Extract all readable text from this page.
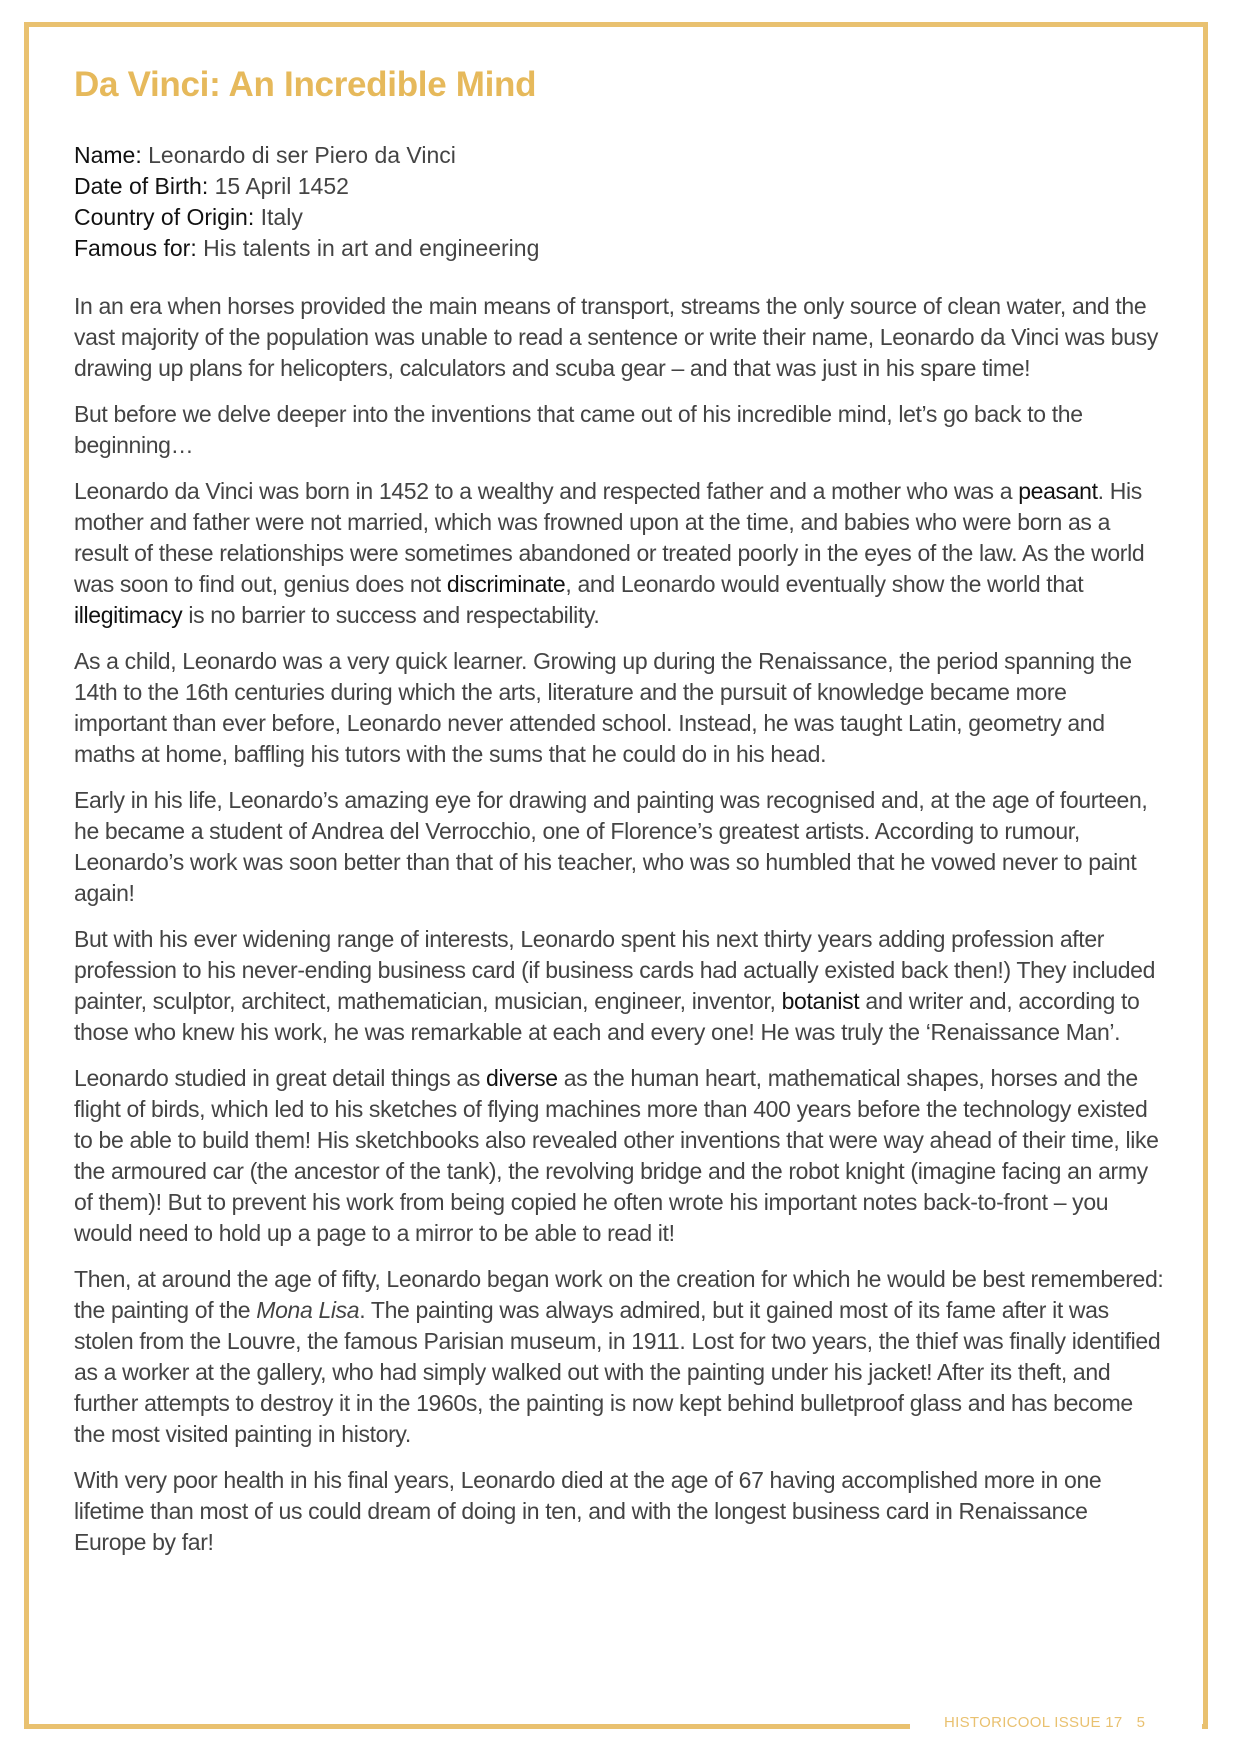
Da Vinci: An Incredible Mind
Name: Leonardo di ser Piero da Vinci
Date of Birth: 15 April 1452
Country of Origin: Italy
Famous for: His talents in art and engineering

In an era when horses provided the main means of transport, streams the only source of clean water, and the vast majority of the population was unable to read a sentence or write their name, Leonardo da Vinci was busy drawing up plans for helicopters, calculators and scuba gear – and that was just in his spare time!

But before we delve deeper into the inventions that came out of his incredible mind, let’s go back to the beginning…

Leonardo da Vinci was born in 1452 to a wealthy and respected father and a mother who was a peasant. His mother and father were not married, which was frowned upon at the time, and babies who were born as a result of these relationships were sometimes abandoned or treated poorly in the eyes of the law. As the world was soon to find out, genius does not discriminate, and Leonardo would eventually show the world that illegitimacy is no barrier to success and respectability.

As a child, Leonardo was a very quick learner. Growing up during the Renaissance, the period spanning the 14th to the 16th centuries during which the arts, literature and the pursuit of knowledge became more important than ever before, Leonardo never attended school. Instead, he was taught Latin, geometry and maths at home, baffling his tutors with the sums that he could do in his head.

Early in his life, Leonardo’s amazing eye for drawing and painting was recognised and, at the age of fourteen, he became a student of Andrea del Verrocchio, one of Florence’s greatest artists. According to rumour, Leonardo’s work was soon better than that of his teacher, who was so humbled that he vowed never to paint again!

But with his ever widening range of interests, Leonardo spent his next thirty years adding profession after profession to his never-ending business card (if business cards had actually existed back then!) They included painter, sculptor, architect, mathematician, musician, engineer, inventor, botanist and writer and, according to those who knew his work, he was remarkable at each and every one! He was truly the ‘Renaissance Man’.

Leonardo studied in great detail things as diverse as the human heart, mathematical shapes, horses and the flight of birds, which led to his sketches of flying machines more than 400 years before the technology existed to be able to build them! His sketchbooks also revealed other inventions that were way ahead of their time, like the armoured car (the ancestor of the tank), the revolving bridge and the robot knight (imagine facing an army of them)! But to prevent his work from being copied he often wrote his important notes back-to-front – you would need to hold up a page to a mirror to be able to read it!

Then, at around the age of fifty, Leonardo began work on the creation for which he would be best remembered: the painting of the Mona Lisa. The painting was always admired, but it gained most of its fame after it was stolen from the Louvre, the famous Parisian museum, in 1911. Lost for two years, the thief was finally identified as a worker at the gallery, who had simply walked out with the painting under his jacket! After its theft, and further attempts to destroy it in the 1960s, the painting is now kept behind bulletproof glass and has become the most visited painting in history.

With very poor health in his final years, Leonardo died at the age of 67 having accomplished more in one lifetime than most of us could dream of doing in ten, and with the longest business card in Renaissance Europe by far!

HISTORICOOL ISSUE 17 5
